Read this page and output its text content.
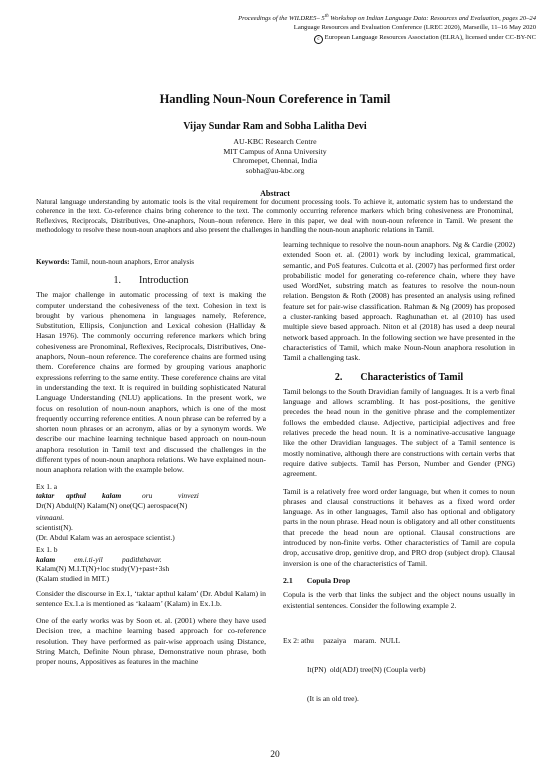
Proceedings of the WILDRE5– 5th Workshop on Indian Language Data: Resources and Evaluation, pages 20–24
Language Resources and Evaluation Conference (LREC 2020), Marseille, 11–16 May 2020
c European Language Resources Association (ELRA), licensed under CC-BY-NC
Handling Noun-Noun Coreference in Tamil
Vijay Sundar Ram and Sobha Lalitha Devi
AU-KBC Research Centre
MIT Campus of Anna University
Chromepet, Chennai, India
sobha@au-kbc.org
Abstract
Natural language understanding by automatic tools is the vital requirement for document processing tools. To achieve it, automatic system has to understand the coherence in the text. Co-reference chains bring coherence to the text. The commonly occurring reference markers which bring cohesiveness are Pronominal, Reflexives, Reciprocals, Distributives, One-anaphors, Noun–noun reference. Here in this paper, we deal with noun-noun reference in Tamil. We present the methodology to resolve these noun-noun anaphors and also present the challenges in handling the noun-noun anaphoric relations in Tamil.
Keywords: Tamil, noun-noun anaphors, Error analysis
1. Introduction

The major challenge in automatic processing of text is making the computer understand the cohesiveness of the text. Cohesion in text is brought by various phenomena in languages namely, Reference, Substitution, Ellipsis, Conjunction and Lexical cohesion (Halliday & Hasan 1976). The commonly occurring reference markers which bring cohesiveness are Pronominal, Reflexives, Reciprocals, Distributives, One-anaphors, Noun–noun reference. The coreference chains are formed using them. Coreference chains are formed by grouping various anaphoric expressions referring to the same entity. These coreference chains are vital in understanding the text. It is required in building sophisticated Natural Language Understanding (NLU) applications. In the present work, we focus on resolution of noun-noun anaphors, which is one of the most frequently occurring reference entities. A noun phrase can be referred by a shorten noun phrases or an acronym, alias or by a synonym words. We describe our machine learning technique based approach on noun-noun anaphora resolution in Tamil text and discussed the challenges in the different types of noun-noun anaphora relations. We have explained noun-noun anaphora relation with the example below.

Ex 1. a
taktar	apthul	kalam	oru	vinvezi
Dr(N) Abdul(N) Kalam(N) one(QC) aerospace(N)
vinnaani.
scientist(N).
(Dr. Abdul Kalam was an aerospace scientist.)
Ex 1. b
kalam	em.i.ti-yil	padiththavar.
Kalam(N) M.I.T(N)+loc study(V)+past+3sh
(Kalam studied in MIT.)

Consider the discourse in Ex.1, ‘taktar apthul kalam’ (Dr. Abdul Kalam) in sentence Ex.1.a is mentioned as ‘kalaam’ (Kalam) in Ex.1.b.

One of the early works was by Soon et. al. (2001) where they have used Decision tree, a machine learning based approach for co-reference resolution. They have performed as pair-wise approach using Distance, String Match, Definite Noun phrase, Demonstrative noun phrase, both proper nouns, Appositives as features in the machine

learning technique to resolve the noun-noun anaphors. Ng & Cardie (2002) extended Soon et. al. (2001) work by including lexical, grammatical, semantic, and PoS features. Culcotta et al. (2007) has performed first order probabilistic model for generating co-reference chain, where they have used WordNet, substring match as features to resolve the noun-noun relation. Bengston & Roth (2008) has presented an analysis using refined feature set for pair-wise classification. Rahman & Ng (2009) has proposed a cluster-ranking based approach. Raghunathan et. al (2010) has used multiple sieve based approach. Niton et al (2018) has used a deep neural network based approach. In the following section we have presented in the characteristics of Tamil, which make Noun-Noun anaphora resolution in Tamil a challenging task.

2. Characteristics of Tamil

Tamil belongs to the South Dravidian family of languages. It is a verb final language and allows scrambling. It has post-positions, the genitive precedes the head noun in the genitive phrase and the complementizer follows the embedded clause. Adjective, participial adjectives and free relatives precede the head noun. It is a nominative-accusative language like the other Dravidian languages. The subject of a Tamil sentence is mostly nominative, although there are constructions with certain verbs that require dative subjects. Tamil has Person, Number and Gender (PNG) agreement.

Tamil is a relatively free word order language, but when it comes to noun phrases and clausal constructions it behaves as a fixed word order language. As in other languages, Tamil also has optional and obligatory parts in the noun phrase. Head noun is obligatory and all other constituents that precede the head noun are optional. Clausal constructions are introduced by non-finite verbs. Other characteristics of Tamil are copula drop, accusative drop, genitive drop, and PRO drop (subject drop). Clausal inversion is one of the characteristics of Tamil.

2.1 Copula Drop

Copula is the verb that links the subject and the object nouns usually in existential sentences. Consider the following example 2.

Ex 2: athu     pazaiya    maram.  NULL

It(PN)  old(ADJ) tree(N) (Coupla verb)

(It is an old tree).

20
